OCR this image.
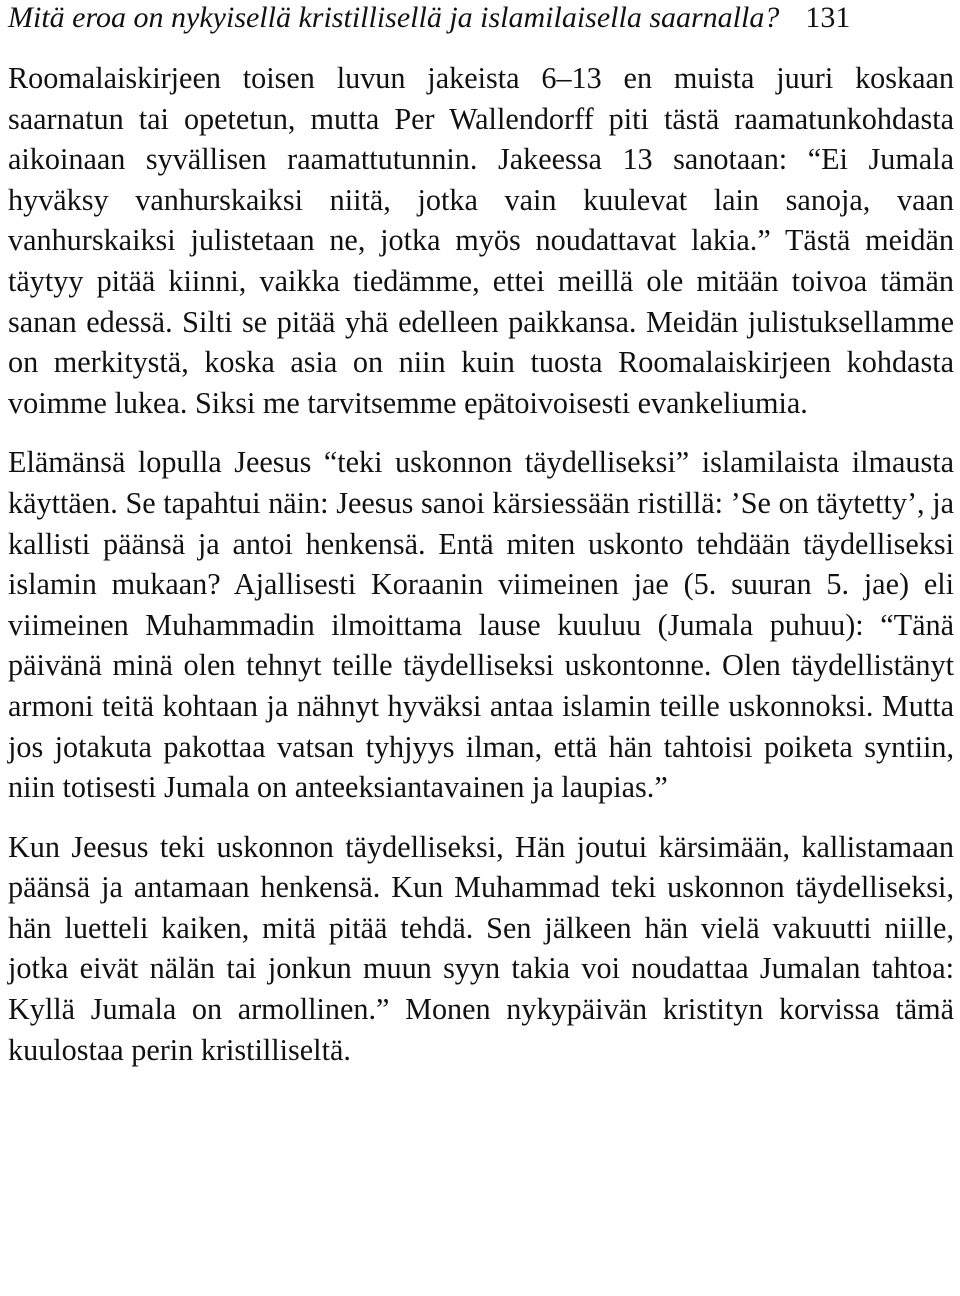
Mitä eroa on nykyisellä kristillisellä ja islamilaisella saarnalla? 131

Roomalaiskirjeen toisen luvun jakeista 6–13 en muista juuri koskaan saarnatun tai opetetun, mutta Per Wallendorff piti tästä raamatunkohdasta aikoinaan syvällisen raamattutunnin. Jakeessa 13 sanotaan: “Ei Jumala hyväksy vanhurskaiksi niitä, jotka vain kuulevat lain sanoja, vaan vanhurskaiksi julistetaan ne, jotka myös noudattavat lakia.” Tästä meidän täytyy pitää kiinni, vaikka tiedämme, ettei meillä ole mitään toivoa tämän sanan edessä. Silti se pitää yhä edelleen paikkansa. Meidän julistuksellamme on merkitystä, koska asia on niin kuin tuosta Roomalaiskirjeen kohdasta voimme lukea. Siksi me tarvitsemme epätoivoisesti evankeliumia.

Elämänsä lopulla Jeesus “teki uskonnon täydelliseksi” islamilaista ilmausta käyttäen. Se tapahtui näin: Jeesus sanoi kärsiessään ristillä: ’Se on täytetty’, ja kallisti päänsä ja antoi henkensä. Entä miten uskonto tehdään täydelliseksi islamin mukaan? Ajallisesti Koraanin viimeinen jae (5. suuran 5. jae) eli viimeinen Muhammadin ilmoittama lause kuuluu (Jumala puhuu): “Tänä päivänä minä olen tehnyt teille täydelliseksi uskontonne. Olen täydellistänyt armoni teitä kohtaan ja nähnyt hyväksi antaa islamin teille uskonnoksi. Mutta jos jotakuta pakottaa vatsan tyhjyys ilman, että hän tahtoisi poiketa syntiin, niin totisesti Jumala on anteeksiantavainen ja laupias.”

Kun Jeesus teki uskonnon täydelliseksi, Hän joutui kärsimään, kallistamaan päänsä ja antamaan henkensä. Kun Muhammad teki uskonnon täydelliseksi, hän luetteli kaiken, mitä pitää tehdä. Sen jälkeen hän vielä vakuutti niille, jotka eivät nälän tai jonkun muun syyn takia voi noudattaa Jumalan tahtoa: Kyllä Jumala on armollinen.” Monen nykypäivän kristityn korvissa tämä kuulostaa perin kristilliseltä.
